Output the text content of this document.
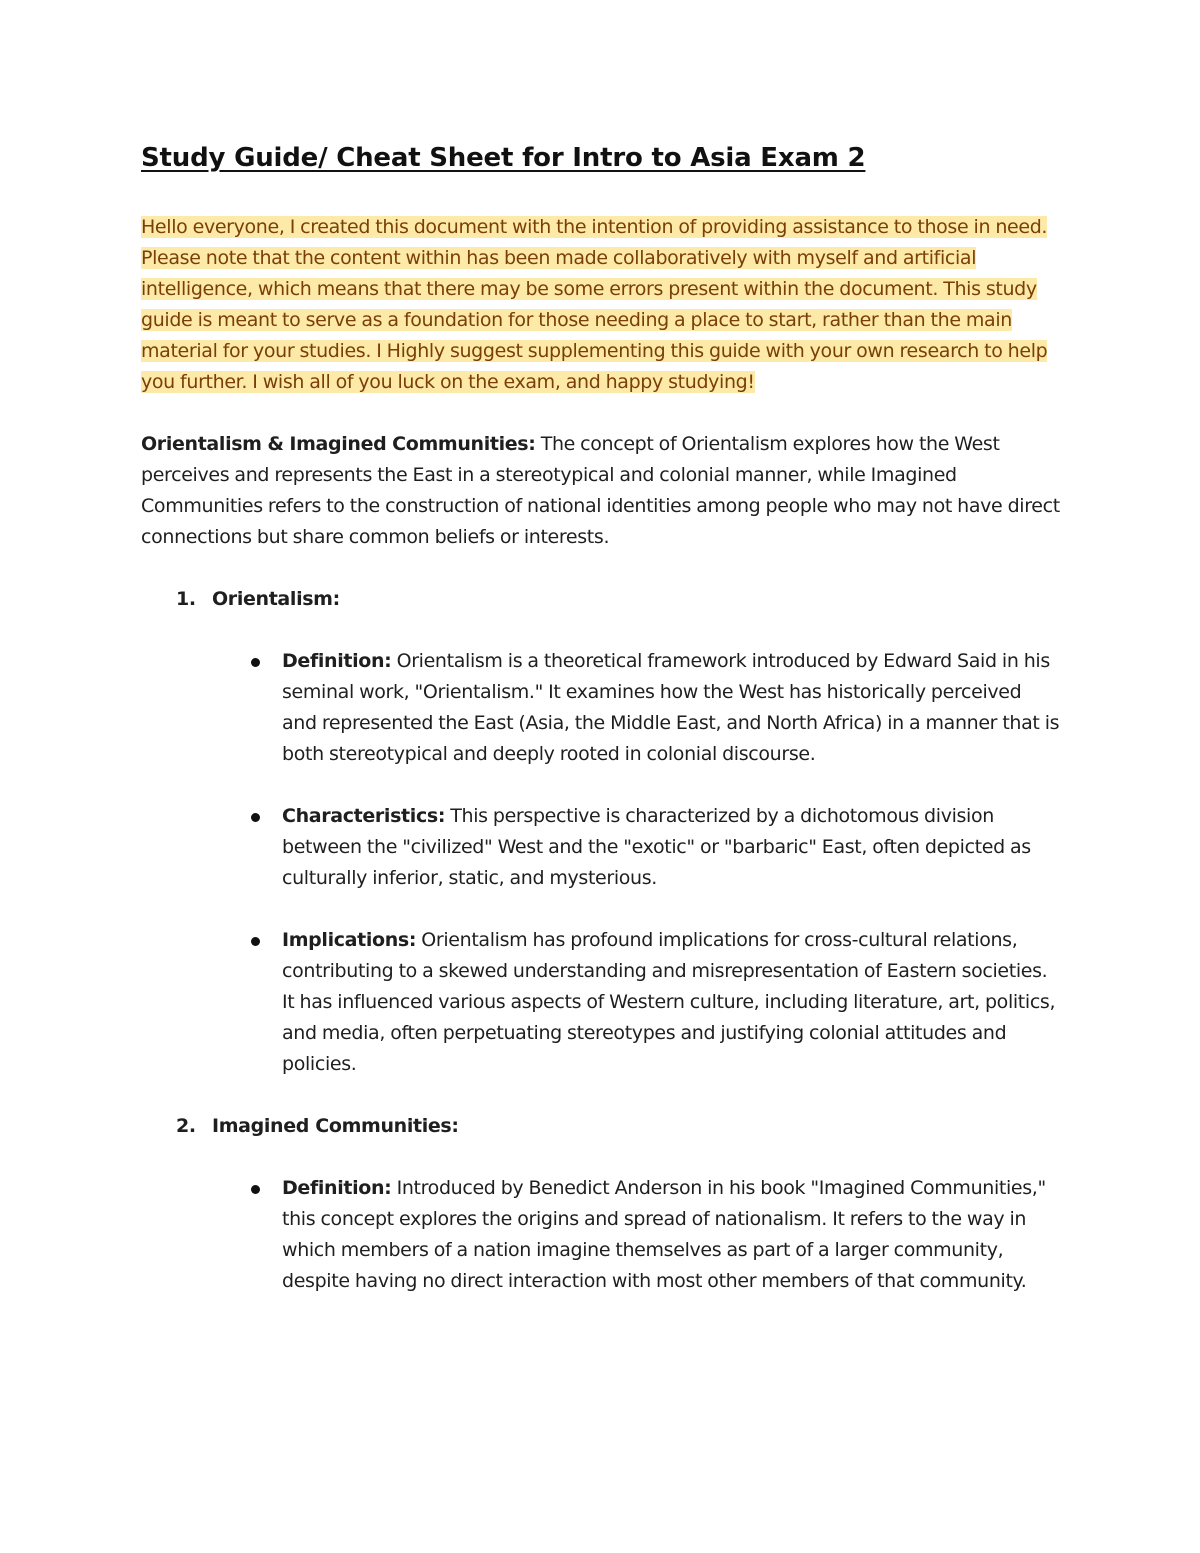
Study Guide/ Cheat Sheet for Intro to Asia Exam 2

Hello everyone, I created this document with the intention of providing assistance to those in need. Please note that the content within has been made collaboratively with myself and artificial intelligence, which means that there may be some errors present within the document. This study guide is meant to serve as a foundation for those needing a place to start, rather than the main material for your studies. I Highly suggest supplementing this guide with your own research to help you further. I wish all of you luck on the exam, and happy studying!

Orientalism & Imagined Communities: The concept of Orientalism explores how the West perceives and represents the East in a stereotypical and colonial manner, while Imagined Communities refers to the construction of national identities among people who may not have direct connections but share common beliefs or interests.

1. Orientalism:
Definition: Orientalism is a theoretical framework introduced by Edward Said in his seminal work, "Orientalism." It examines how the West has historically perceived and represented the East (Asia, the Middle East, and North Africa) in a manner that is both stereotypical and deeply rooted in colonial discourse.
Characteristics: This perspective is characterized by a dichotomous division between the "civilized" West and the "exotic" or "barbaric" East, often depicted as culturally inferior, static, and mysterious.
Implications: Orientalism has profound implications for cross-cultural relations, contributing to a skewed understanding and misrepresentation of Eastern societies. It has influenced various aspects of Western culture, including literature, art, politics, and media, often perpetuating stereotypes and justifying colonial attitudes and policies.
2. Imagined Communities:
Definition: Introduced by Benedict Anderson in his book "Imagined Communities," this concept explores the origins and spread of nationalism. It refers to the way in which members of a nation imagine themselves as part of a larger community, despite having no direct interaction with most other members of that community.
